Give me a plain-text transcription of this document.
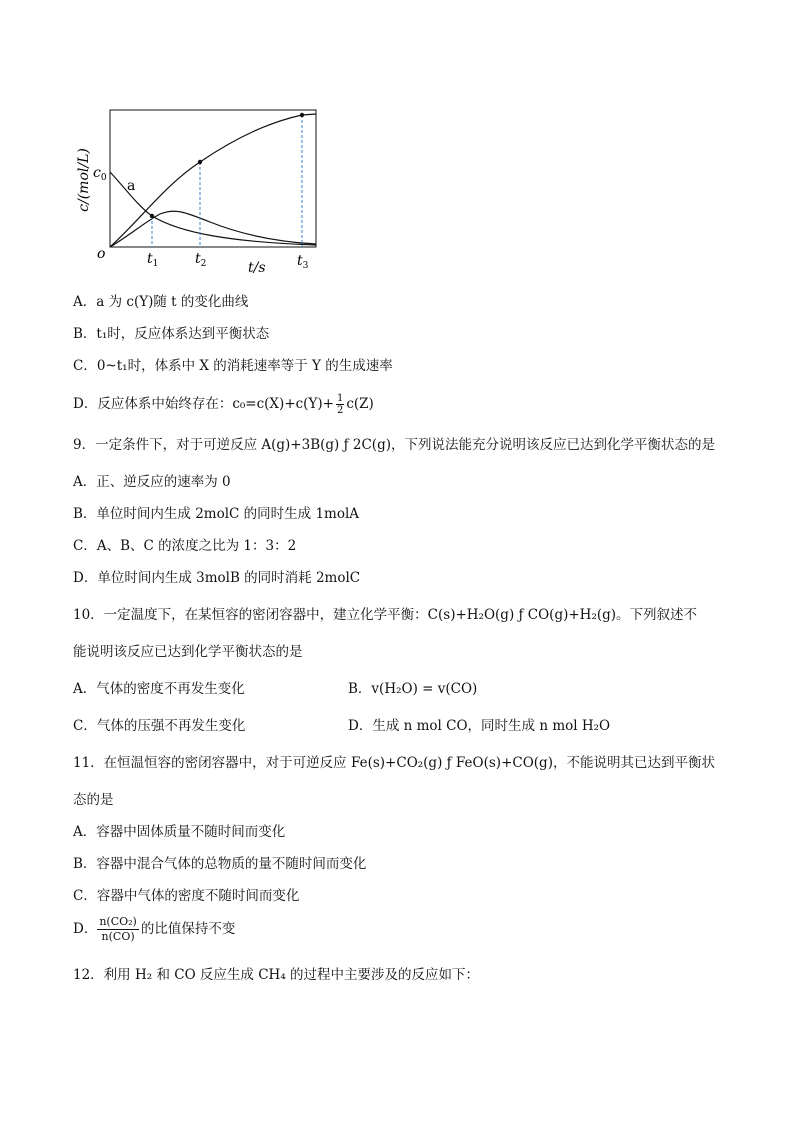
c/(mol/L) $c_0$ a
o	$t_1$	$t_2$	t/s $t_3$
A．a 为 c(Y)随 t 的变化曲线
B．t₁时，反应体系达到平衡状态
C．0~t₁时，体系中 X 的消耗速率等于 Y 的生成速率
D．反应体系中始终存在：$c_0=c(X)+c(Y)+ \frac{1}{2} c(Z)$
9．一定条件下，对于可逆反应 A(g)+3B(g) ƒ 2C(g)，下列说法能充分说明该反应已达到化学平衡状态的是
A．正、逆反应的速率为 0
B．单位时间内生成 2molC 的同时生成 1molA
C．A、B、C 的浓度之比为 1：3：2
D．单位时间内生成 3molB 的同时消耗 2molC
10．一定温度下，在某恒容的密闭容器中，建立化学平衡：C(s)+H₂O(g) ƒ CO(g)+H₂(g)。下列叙述不
能说明该反应已达到化学平衡状态的是
A．气体的密度不再发生变化	B．v(H₂O) = v(CO)
C．气体的压强不再发生变化	D．生成 n mol CO，同时生成 n mol H₂O
11．在恒温恒容的密闭容器中，对于可逆反应 Fe(s)+CO₂(g) ƒ FeO(s)+CO(g)，不能说明其已达到平衡状
态的是
A．容器中固体质量不随时间而变化
B．容器中混合气体的总物质的量不随时间而变化
C．容器中气体的密度不随时间而变化
D． $\frac{\text{n(CO₂)}}{n(CO)}$ 的比值保持不变
12．利用 H₂ 和 CO 反应生成 CH₄ 的过程中主要涉及的反应如下：
